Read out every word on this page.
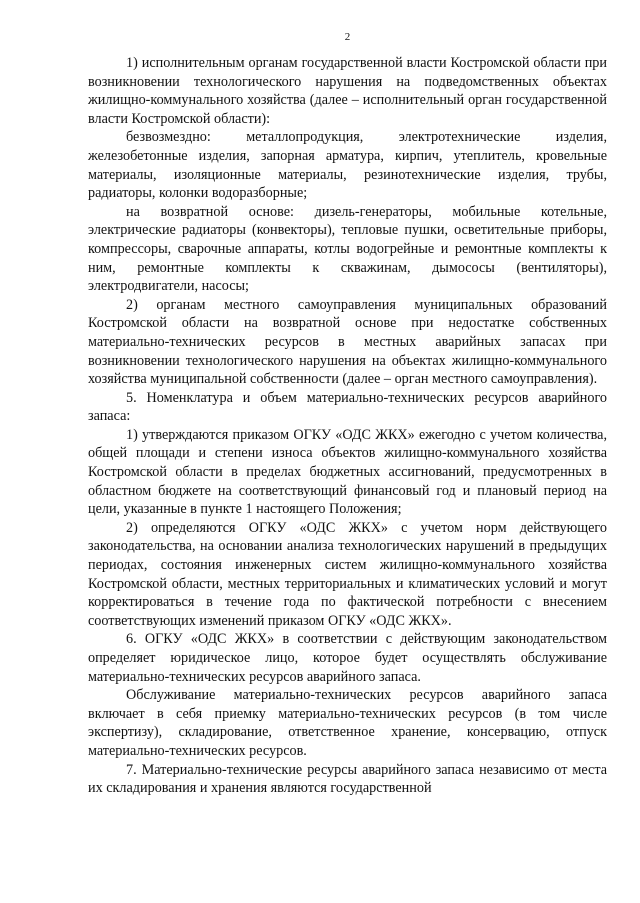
2

1) исполнительным органам государственной власти Костромской области при возникновении технологического нарушения на подведомственных объектах жилищно-коммунального хозяйства (далее – исполнительный орган государственной власти Костромской области):

безвозмездно: металлопродукция, электротехнические изделия, железобетонные изделия, запорная арматура, кирпич, утеплитель, кровельные материалы, изоляционные материалы, резинотехнические изделия, трубы, радиаторы, колонки водоразборные;

на возвратной основе: дизель-генераторы, мобильные котельные, электрические радиаторы (конвекторы), тепловые пушки, осветительные приборы, компрессоры, сварочные аппараты, котлы водогрейные и ремонтные комплекты к ним, ремонтные комплекты к скважинам, дымососы (вентиляторы), электродвигатели, насосы;

2) органам местного самоуправления муниципальных образований Костромской области на возвратной основе при недостатке собственных материально-технических ресурсов в местных аварийных запасах при возникновении технологического нарушения на объектах жилищно-коммунального хозяйства муниципальной собственности (далее – орган местного самоуправления).

5. Номенклатура и объем материально-технических ресурсов аварийного запаса:

1) утверждаются приказом ОГКУ «ОДС ЖКХ» ежегодно с учетом количества, общей площади и степени износа объектов жилищно-коммунального хозяйства Костромской области в пределах бюджетных ассигнований, предусмотренных в областном бюджете на соответствующий финансовый год и плановый период на цели, указанные в пункте 1 настоящего Положения;

2) определяются ОГКУ «ОДС ЖКХ» с учетом норм действующего законодательства, на основании анализа технологических нарушений в предыдущих периодах, состояния инженерных систем жилищно-коммунального хозяйства Костромской области, местных территориальных и климатических условий и могут корректироваться в течение года по фактической потребности с внесением соответствующих изменений приказом ОГКУ «ОДС ЖКХ».

6. ОГКУ «ОДС ЖКХ» в соответствии с действующим законодательством определяет юридическое лицо, которое будет осуществлять обслуживание материально-технических ресурсов аварийного запаса.

Обслуживание материально-технических ресурсов аварийного запаса включает в себя приемку материально-технических ресурсов (в том числе экспертизу), складирование, ответственное хранение, консервацию, отпуск материально-технических ресурсов.

7. Материально-технические ресурсы аварийного запаса независимо от места их складирования и хранения являются государственной
